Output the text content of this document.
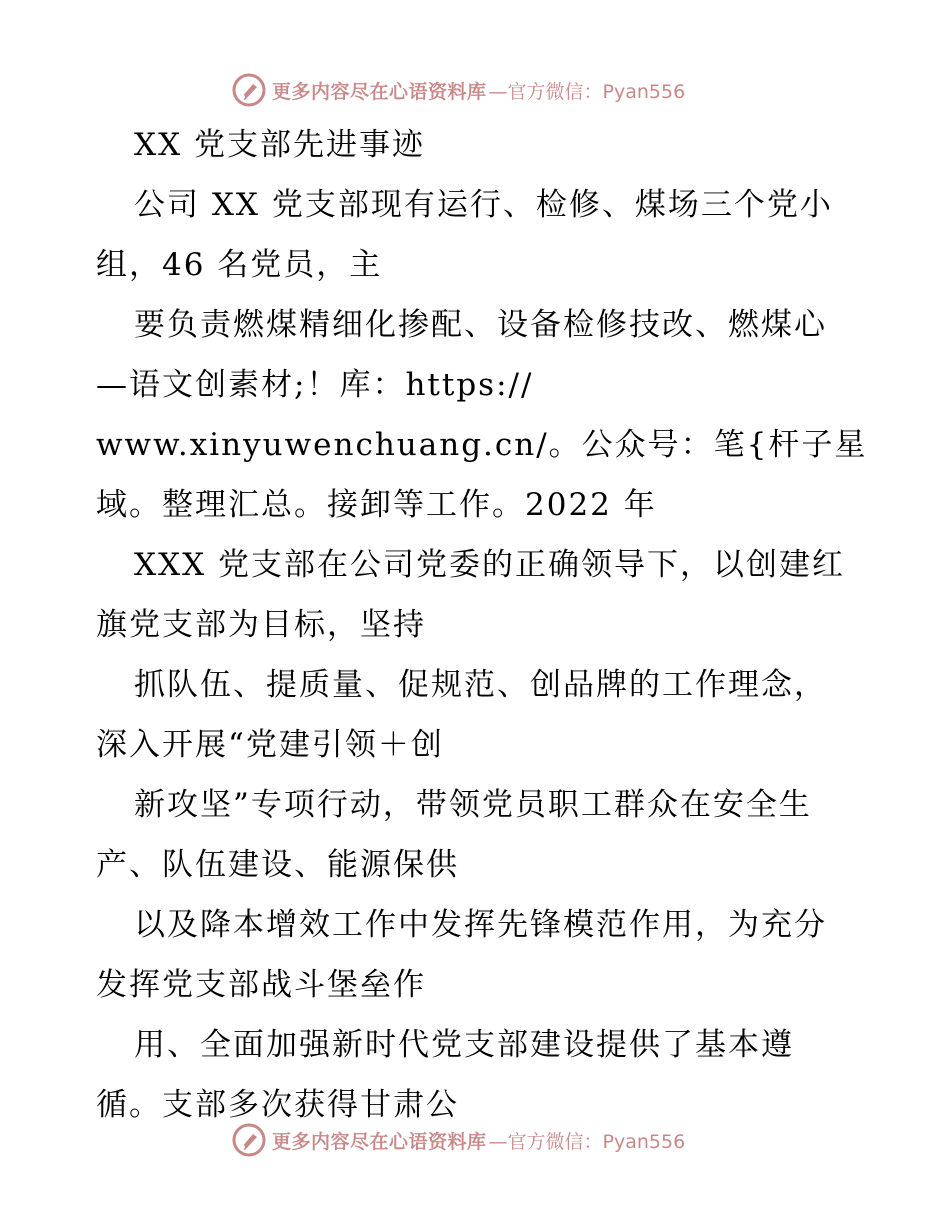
更多内容尽在心语资料库 —官方微信：Pyan556
XX 党支部先进事迹
公司 XX 党支部现有运行、检修、煤场三个党小
组，46 名党员，主
要负责燃煤精细化掺配、设备检修技改、燃煤心
—语文创素材;！库：https://
www.xinyuwenchuang.cn/。公众号：笔{杆子星
域。整理汇总。接卸等工作。2022 年
XXX 党支部在公司党委的正确领导下，以创建红
旗党支部为目标，坚持
抓队伍、提质量、促规范、创品牌的工作理念，
深入开展“党建引领＋创
新攻坚”专项行动，带领党员职工群众在安全生
产、队伍建设、能源保供
以及降本增效工作中发挥先锋模范作用，为充分
发挥党支部战斗堡垒作
用、全面加强新时代党支部建设提供了基本遵
循。支部多次获得甘肃公
更多内容尽在心语资料库 —官方微信：Pyan556
